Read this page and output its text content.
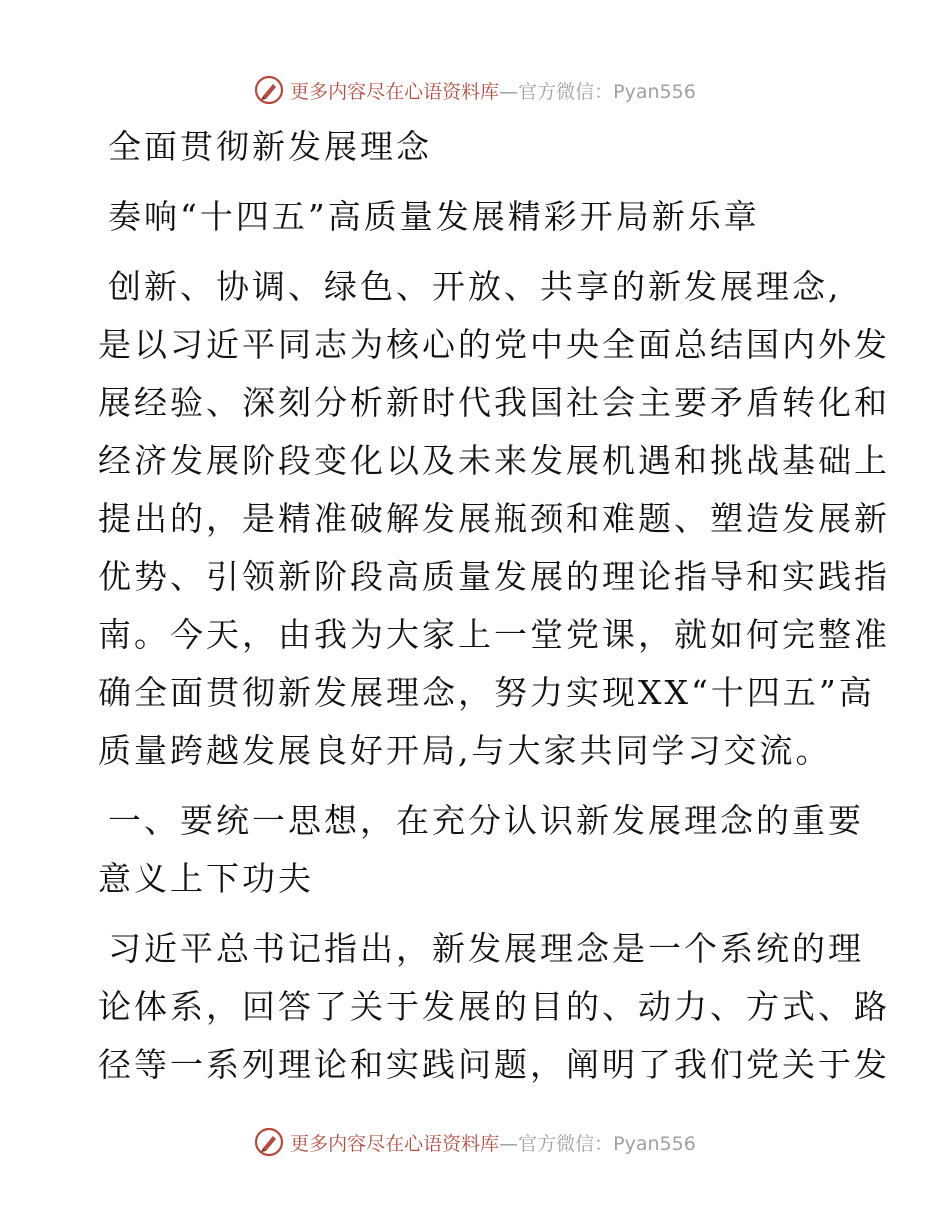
更多内容尽在心语资料库—官方微信：Pyan556
全面贯彻新发展理念
奏响“十四五”高质量发展精彩开局新乐章
创新、协调、绿色、开放、共享的新发展理念,
是以习近平同志为核心的党中央全面总结国内外发
展经验、深刻分析新时代我国社会主要矛盾转化和
经济发展阶段变化以及未来发展机遇和挑战基础上
提出的，是精准破解发展瓶颈和难题、塑造发展新
优势、引领新阶段高质量发展的理论指导和实践指
南。今天，由我为大家上一堂党课，就如何完整准
确全面贯彻新发展理念，努力实现XX“十四五”高
质量跨越发展良好开局,与大家共同学习交流。
一、要统一思想，在充分认识新发展理念的重要
意义上下功夫
习近平总书记指出，新发展理念是一个系统的理
论体系，回答了关于发展的目的、动力、方式、路
径等一系列理论和实践问题，阐明了我们党关于发
更多内容尽在心语资料库—官方微信：Pyan556
